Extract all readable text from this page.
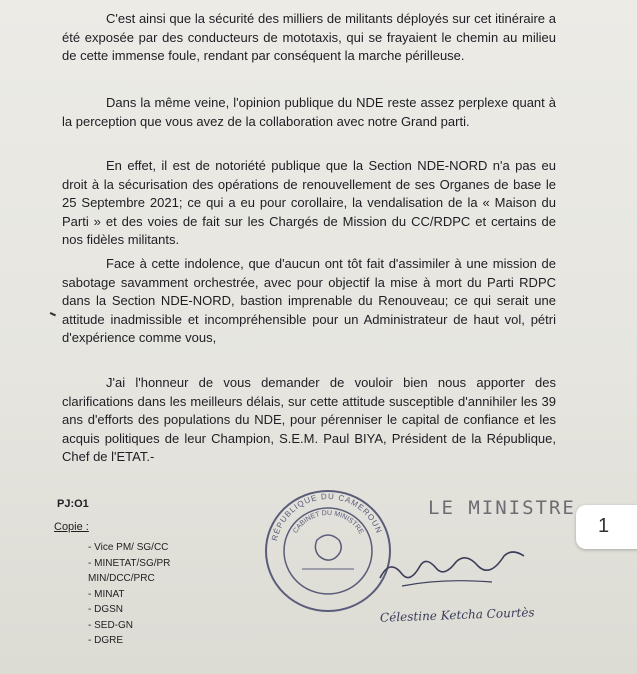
C'est ainsi que la sécurité des milliers de militants déployés sur cet itinéraire a été exposée par des conducteurs de mototaxis, qui se frayaient le chemin au milieu de cette immense foule, rendant par conséquent la marche périlleuse.

Dans la même veine, l'opinion publique du NDE reste assez perplexe quant à la perception que vous avez de la collaboration avec notre Grand parti.

En effet, il est de notoriété publique que la Section NDE-NORD n'a pas eu droit à la sécurisation des opérations de renouvellement de ses Organes de base le 25 Septembre 2021; ce qui a eu pour corollaire, la vendalisation de la « Maison du Parti » et des voies de fait sur les Chargés de Mission du CC/RDPC et certains de nos fidèles militants.

Face à cette indolence, que d'aucun ont tôt fait d'assimiler à une mission de sabotage savamment orchestrée, avec pour objectif la mise à mort du Parti RDPC dans la Section NDE-NORD, bastion imprenable du Renouveau; ce qui serait une attitude inadmissible et incompréhensible pour un Administrateur de haut vol, pétri d'expérience comme vous,

J'ai l'honneur de vous demander de vouloir bien nous apporter des clarifications dans les meilleurs délais, sur cette attitude susceptible d'annihiler les 39 ans d'efforts des populations du NDE, pour pérenniser le capital de confiance et les acquis politiques de leur Champion, S.E.M. Paul BIYA, Président de la République, Chef de l'ETAT.-

PJ:O1
Copie :
- Vice PM/ SG/CC
- MINETAT/SG/PR
MIN/DCC/PRC
- MINAT
- DGSN
- SED-GN
- DGRE
RÉPUBLIQUE DU CAMEROUN
CABINET DU MINISTRE
LE MINISTRE
Célestine Ketcha Courtès
1
